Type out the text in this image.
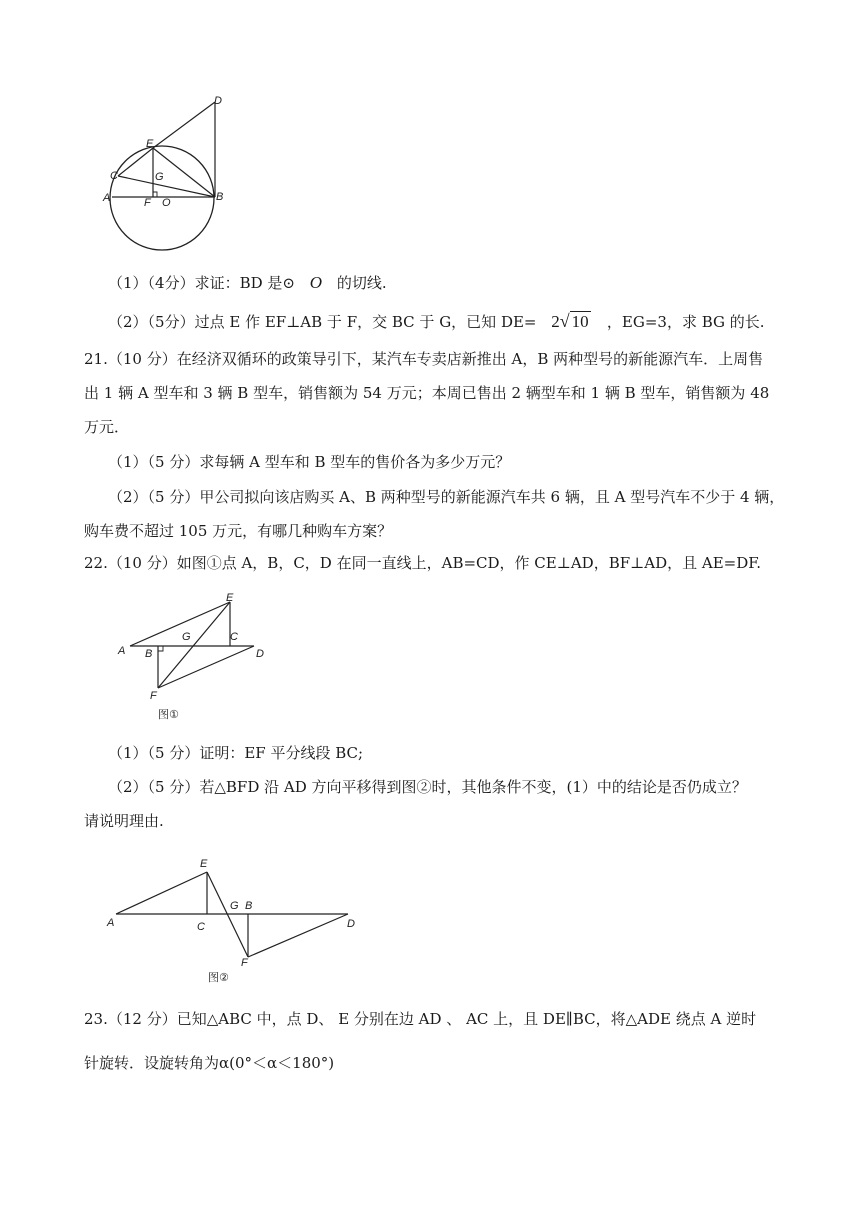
D
E
C	G
A	F O	B
（1）（4分）求证：BD 是⊙ O 的切线.
（2）（5分）过点 E 作 EF⊥AB 于 F，交 BC 于 G，已知 DE= 2√ 10 ，EG=3，求 BG 的长.
21.（10 分）在经济双循环的政策导引下，某汽车专卖店新推出 A，B 两种型号的新能源汽车．上周售
出 1 辆 A 型车和 3 辆 B 型车，销售额为 54 万元；本周已售出 2 辆型车和 1 辆 B 型车，销售额为 48
万元．
（1）（5 分）求每辆 A 型车和 B 型车的售价各为多少万元？
（2）（5 分）甲公司拟向该店购买 A、B 两种型号的新能源汽车共 6 辆，且 A 型号汽车不少于 4 辆，
购车费不超过 105 万元，有哪几种购车方案？
22.（10 分）如图①点 A，B，C，D 在同一直线上，AB=CD，作 CE⊥AD，BF⊥AD，且 AE=DF.
E
G	C
A B	D
F
图①
（1）（5 分）证明：EF 平分线段 BC;
（2）（5 分）若△BFD 沿 AD 方向平移得到图②时，其他条件不变，(1）中的结论是否仍成立？
请说明理由.
E
G B
A	C	D
F
图②
23.（12 分）已知△ABC 中，点 D、 E 分别在边 AD 、 AC 上，且 DE∥BC，将△ADE 绕点 A 逆时
针旋转．设旋转角为α(0°＜α＜180°)
